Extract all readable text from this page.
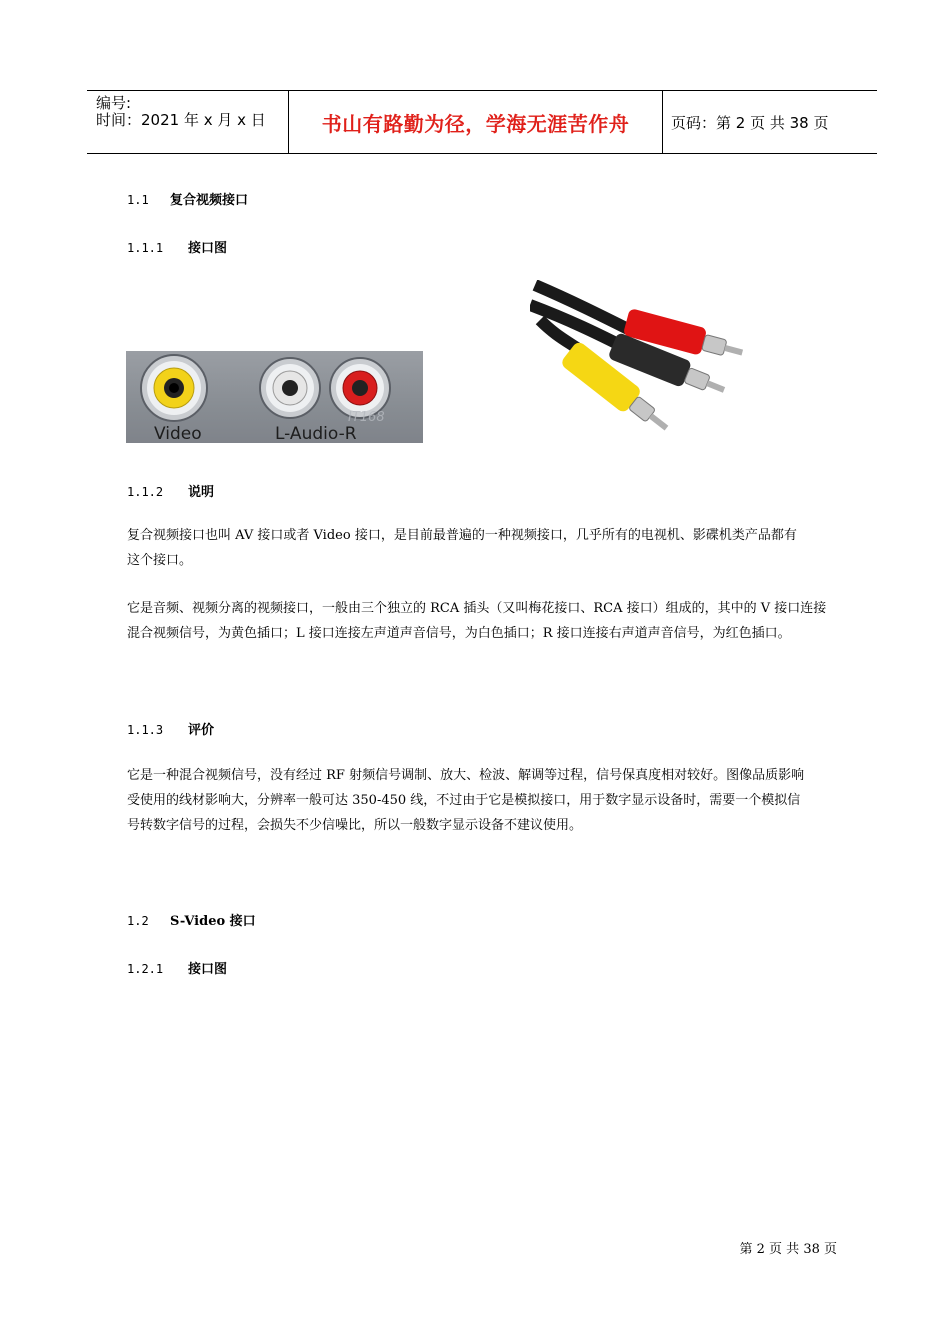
编号:
时间：2021 年 x 月 x 日	书山有路勤为径，学海无涯苦作舟	页码：第 2 页 共 38 页
1.1 复合视频接口
1.1.1 接口图
Video	L-Audio-R
IT168
1.1.2 说明
复合视频接口也叫 AV 接口或者 Video 接口，是目前最普遍的一种视频接口，几乎所有的电视机、影碟机类产品都有
这个接口。
它是音频、视频分离的视频接口，一般由三个独立的 RCA 插头（又叫梅花接口、RCA 接口）组成的，其中的 V 接口连接
混合视频信号，为黄色插口；L 接口连接左声道声音信号，为白色插口；R 接口连接右声道声音信号，为红色插口。
1.1.3 评价
它是一种混合视频信号，没有经过 RF 射频信号调制、放大、检波、解调等过程，信号保真度相对较好。图像品质影响
受使用的线材影响大，分辨率一般可达 350-450 线，不过由于它是模拟接口，用于数字显示设备时，需要一个模拟信
号转数字信号的过程，会损失不少信噪比，所以一般数字显示设备不建议使用。
1.2 S-Video 接口
1.2.1 接口图
第 2 页 共 38 页
